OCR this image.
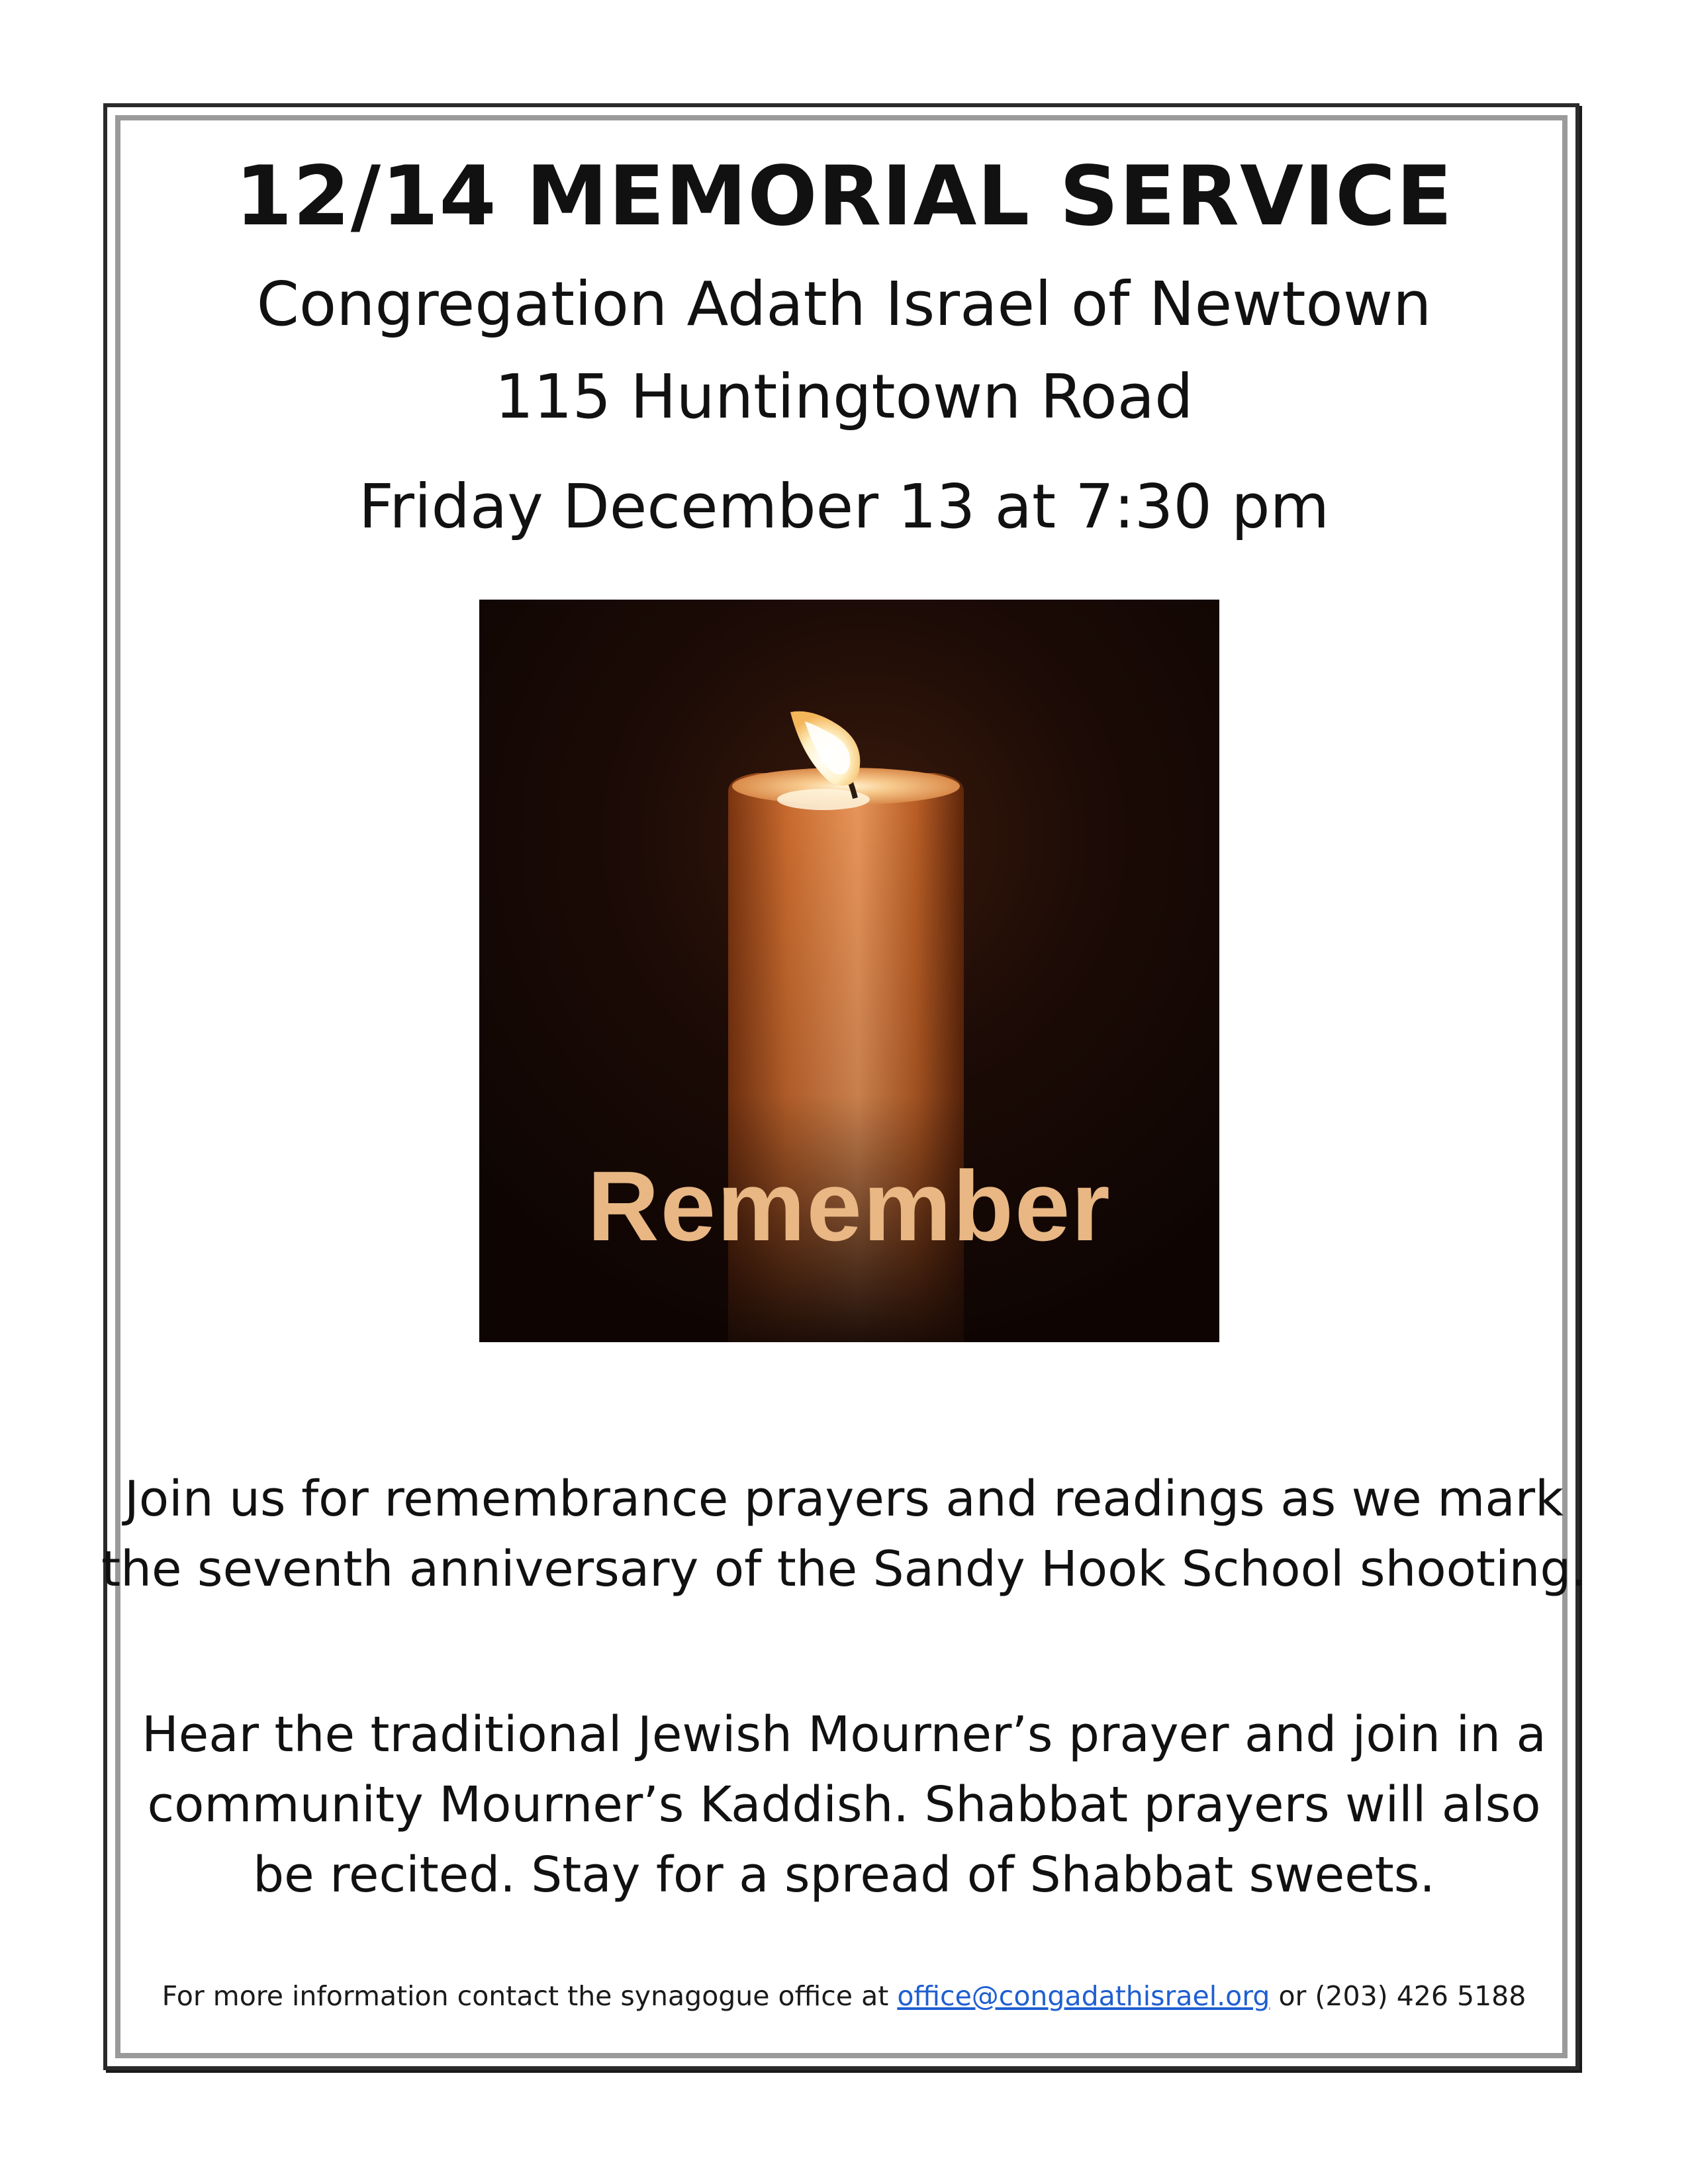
12/14 MEMORIAL SERVICE
Congregation Adath Israel of Newtown
115 Huntingtown Road
Friday December 13 at 7:30 pm
Remember
Join us for remembrance prayers and readings as we mark
the seventh anniversary of the Sandy Hook School shooting.
Hear the traditional Jewish Mourner’s prayer and join in a
community Mourner’s Kaddish. Shabbat prayers will also
be recited. Stay for a spread of Shabbat sweets.
For more information contact the synagogue office at office@congadathisrael.org or (203) 426 5188
